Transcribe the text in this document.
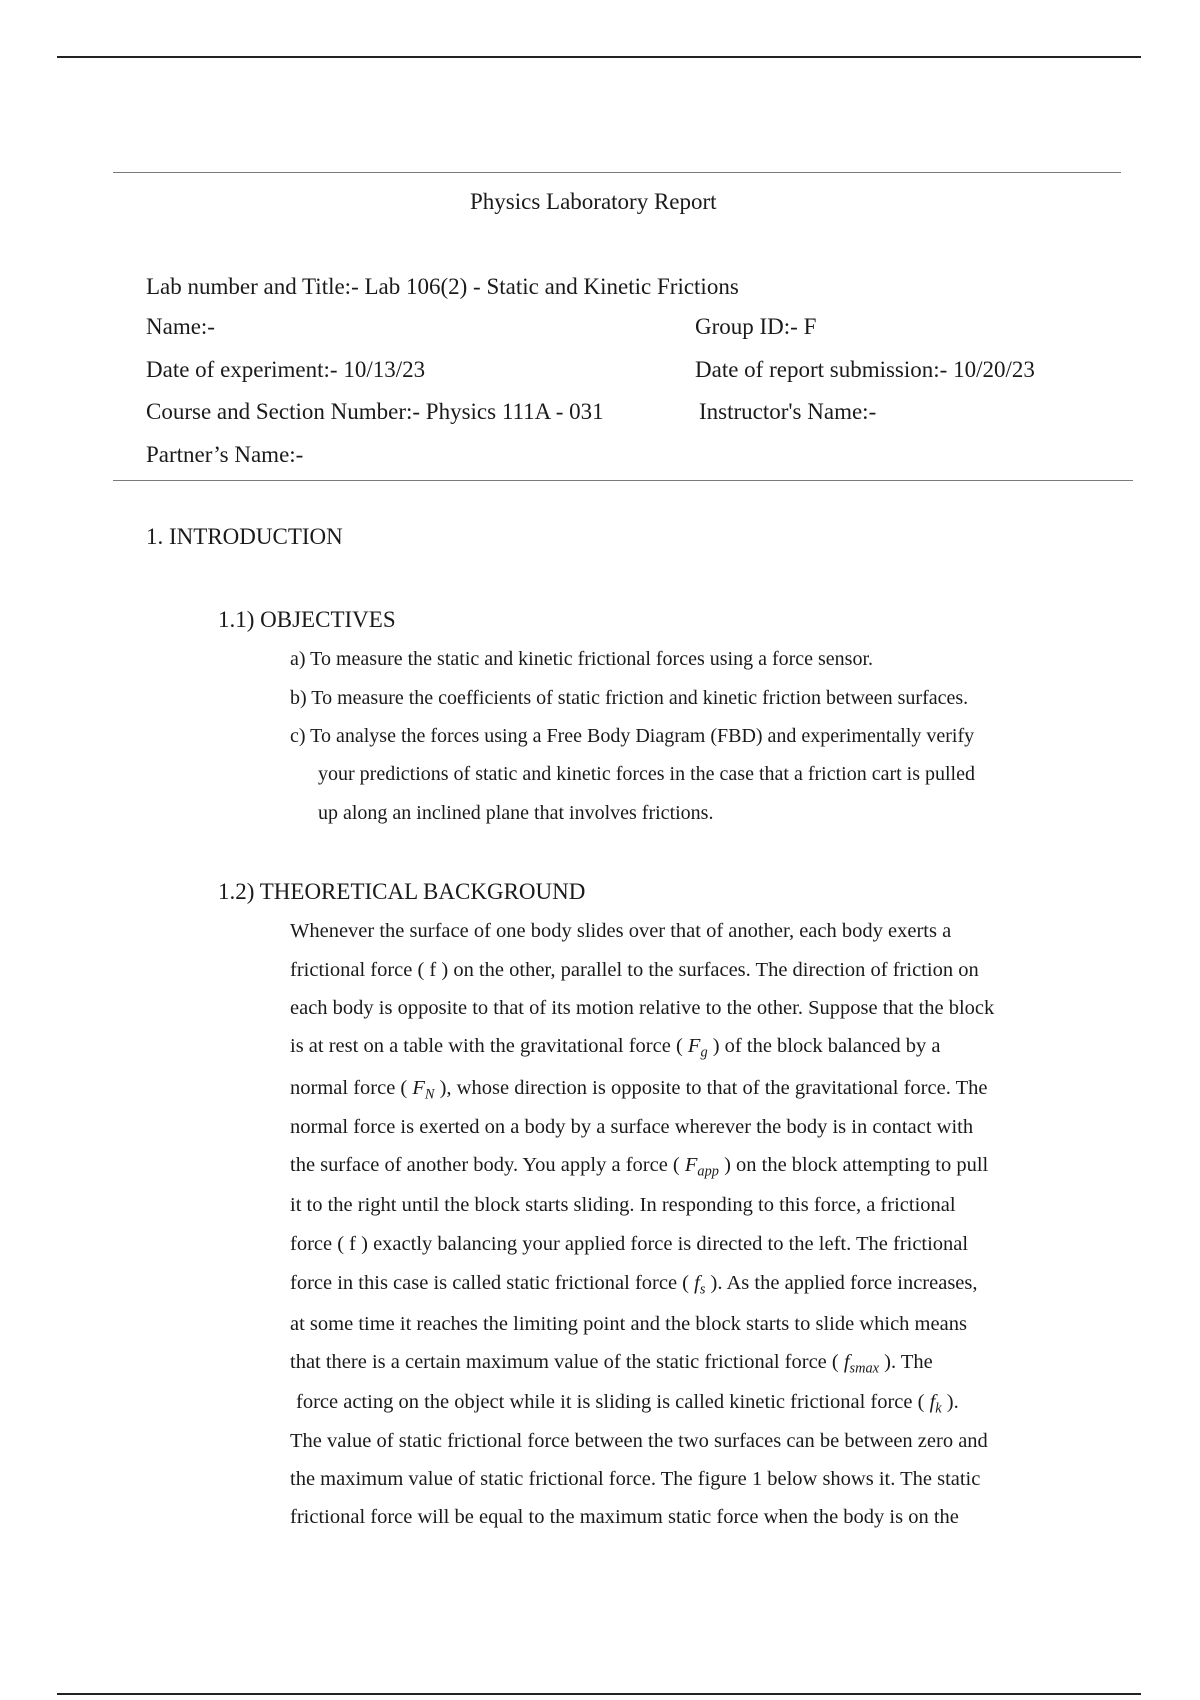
Physics Laboratory Report
Lab number and Title:- Lab 106(2) - Static and Kinetic Frictions
Name:-	Group ID:- F
Date of experiment:- 10/13/23	Date of report submission:- 10/20/23
Course and Section Number:- Physics 111A - 031	Instructor's Name:-
Partner’s Name:-
1. INTRODUCTION
1.1) OBJECTIVES
a) To measure the static and kinetic frictional forces using a force sensor.
b) To measure the coefficients of static friction and kinetic friction between surfaces.
c) To analyse the forces using a Free Body Diagram (FBD) and experimentally verify
your predictions of static and kinetic forces in the case that a friction cart is pulled
up along an inclined plane that involves frictions.
1.2) THEORETICAL BACKGROUND
Whenever the surface of one body slides over that of another, each body exerts a
frictional force ( f ) on the other, parallel to the surfaces. The direction of friction on
each body is opposite to that of its motion relative to the other. Suppose that the block
is at rest on a table with the gravitational force ( $F_g$ ) of the block balanced by a
normal force ( $F_N$ ), whose direction is opposite to that of the gravitational force. The
normal force is exerted on a body by a surface wherever the body is in contact with
the surface of another body. You apply a force ( $F_{app}$ ) on the block attempting to pull
it to the right until the block starts sliding. In responding to this force, a frictional
force ( f ) exactly balancing your applied force is directed to the left. The frictional
force in this case is called static frictional force ( $f_s$ ). As the applied force increases,
at some time it reaches the limiting point and the block starts to slide which means
that there is a certain maximum value of the static frictional force ( $f_{smax}$ ). The
force acting on the object while it is sliding is called kinetic frictional force ( $f_k$ ).
The value of static frictional force between the two surfaces can be between zero and
the maximum value of static frictional force. The figure 1 below shows it. The static
frictional force will be equal to the maximum static force when the body is on the
